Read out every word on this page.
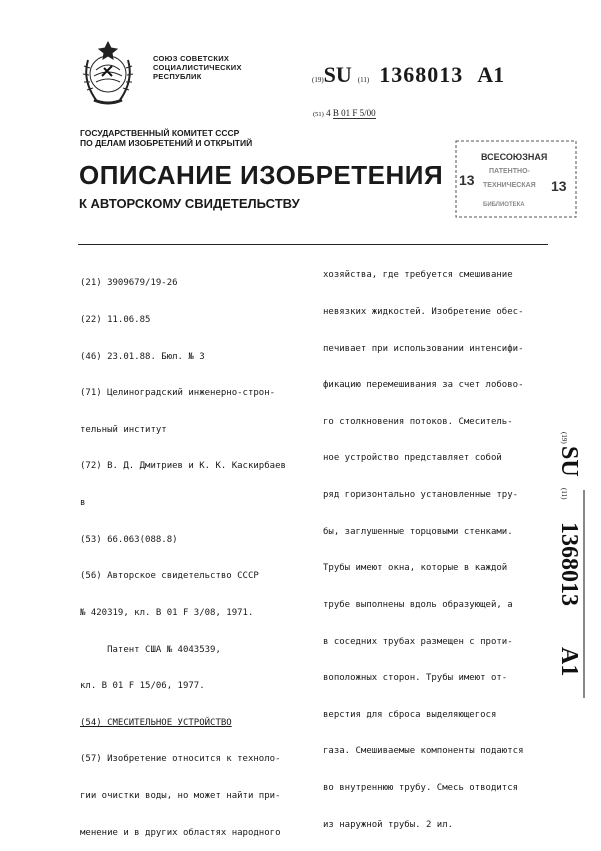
СОЮЗ СОВЕТСКИХ
СОЦИАЛИСТИЧЕСКИХ
РЕСПУБЛИК	(19) SU (11) 1368013 A1
(51) 4 В 01 F 5/00
ГОСУДАРСТВЕННЫЙ КОМИТЕТ СССР
ПО ДЕЛАМ ИЗОБРЕТЕНИЙ И ОТКРЫТИЙ
ОПИСАНИЕ ИЗОБРЕТЕНИЯ
К АВТОРСКОМУ СВИДЕТЕЛЬСТВУ
ВСЕСОЮЗНАЯ
13	13
ПАТЕНТНО-
ТЕХНИЧЕСКАЯ
БИБЛИОТЕКА

(21) 3909679/19-26

(22) 11.06.85

(46) 23.01.88. Бюл. № 3

(71) Целиноградский инженерно-строн-

тельный институт

(72) В. Д. Дмитриев и К. К. Каскирбаев

в

(53) 66.063(088.8)

(56) Авторское свидетельство СССР

№ 420319, кл. В 01 F 3/08, 1971.

Патент США № 4043539,

кл. В 01 F 15/06, 1977.

(54) СМЕСИТЕЛЬНОЕ УСТРОЙСТВО

(57) Изобретение относится к техноло-

гии очистки воды, но может найти при-

менение и в других областях народного

хозяйства, где требуется смешивание

невязких жидкостей. Изобретение обес-

печивает при использовании интенсифи-

фикацию перемешивания за счет лобово-

го столкновения потоков. Смеситель-

ное устройство представляет собой

ряд горизонтально установленные тру-

бы, заглушенные торцовыми стенками.

Трубы имеют окна, которые в каждой

трубе выполнены вдоль образующей, а

в соседних трубах размещен с проти-

воположных сторон. Трубы имеют от-

верстия для сброса выделяющегося

газа. Смешиваемые компоненты подаются

во внутреннюю трубу. Смесь отводится

из наружной трубы. 2 ил.

(19)
SU
(11)
1368013
A1
